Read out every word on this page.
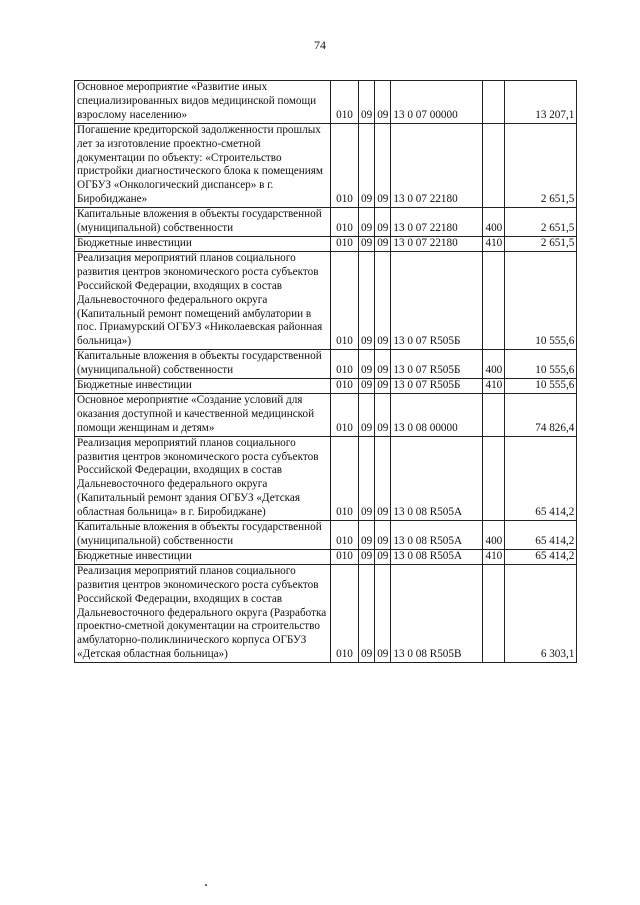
74
Основное мероприятие «Развитие иных специализированных видов медицинской помощи взрослому населению»	010	09	09	13 0 07 00000		13 207,1
Погашение кредиторской задолженности прошлых лет за изготовление проектно-сметной документации по объекту: «Строительство пристройки диагностического блока к помещениям ОГБУЗ «Онкологический диспансер» в г. Биробиджане»	010	09	09	13 0 07 22180		2 651,5
Капитальные вложения в объекты государственной (муниципальной) собственности	010	09	09	13 0 07 22180	400	2 651,5
Бюджетные инвестиции	010	09	09	13 0 07 22180	410	2 651,5
Реализация мероприятий планов социального развития центров экономического роста субъектов Российской Федерации, входящих в состав Дальневосточного федерального округа (Капитальный ремонт помещений амбулатории в пос. Приамурский ОГБУЗ «Николаевская районная больница»)	010	09	09	13 0 07 R505Б		10 555,6
Капитальные вложения в объекты государственной (муниципальной) собственности	010	09	09	13 0 07 R505Б	400	10 555,6
Бюджетные инвестиции	010	09	09	13 0 07 R505Б	410	10 555,6
Основное мероприятие «Создание условий для оказания доступной и качественной медицинской помощи женщинам и детям»	010	09	09	13 0 08 00000		74 826,4
Реализация мероприятий планов социального развития центров экономического роста субъектов Российской Федерации, входящих в состав Дальневосточного федерального округа (Капитальный ремонт здания ОГБУЗ «Детская областная больница» в г. Биробиджане)	010	09	09	13 0 08 R505А		65 414,2
Капитальные вложения в объекты государственной (муниципальной) собственности	010	09	09	13 0 08 R505А	400	65 414,2
Бюджетные инвестиции	010	09	09	13 0 08 R505А	410	65 414,2
Реализация мероприятий планов социального развития центров экономического роста субъектов Российской Федерации, входящих в состав Дальневосточного федерального округа (Разработка проектно-сметной документации на строительство амбулаторно-поликлинического корпуса ОГБУЗ «Детская областная больница»)	010	09	09	13 0 08 R505В		6 303,1
